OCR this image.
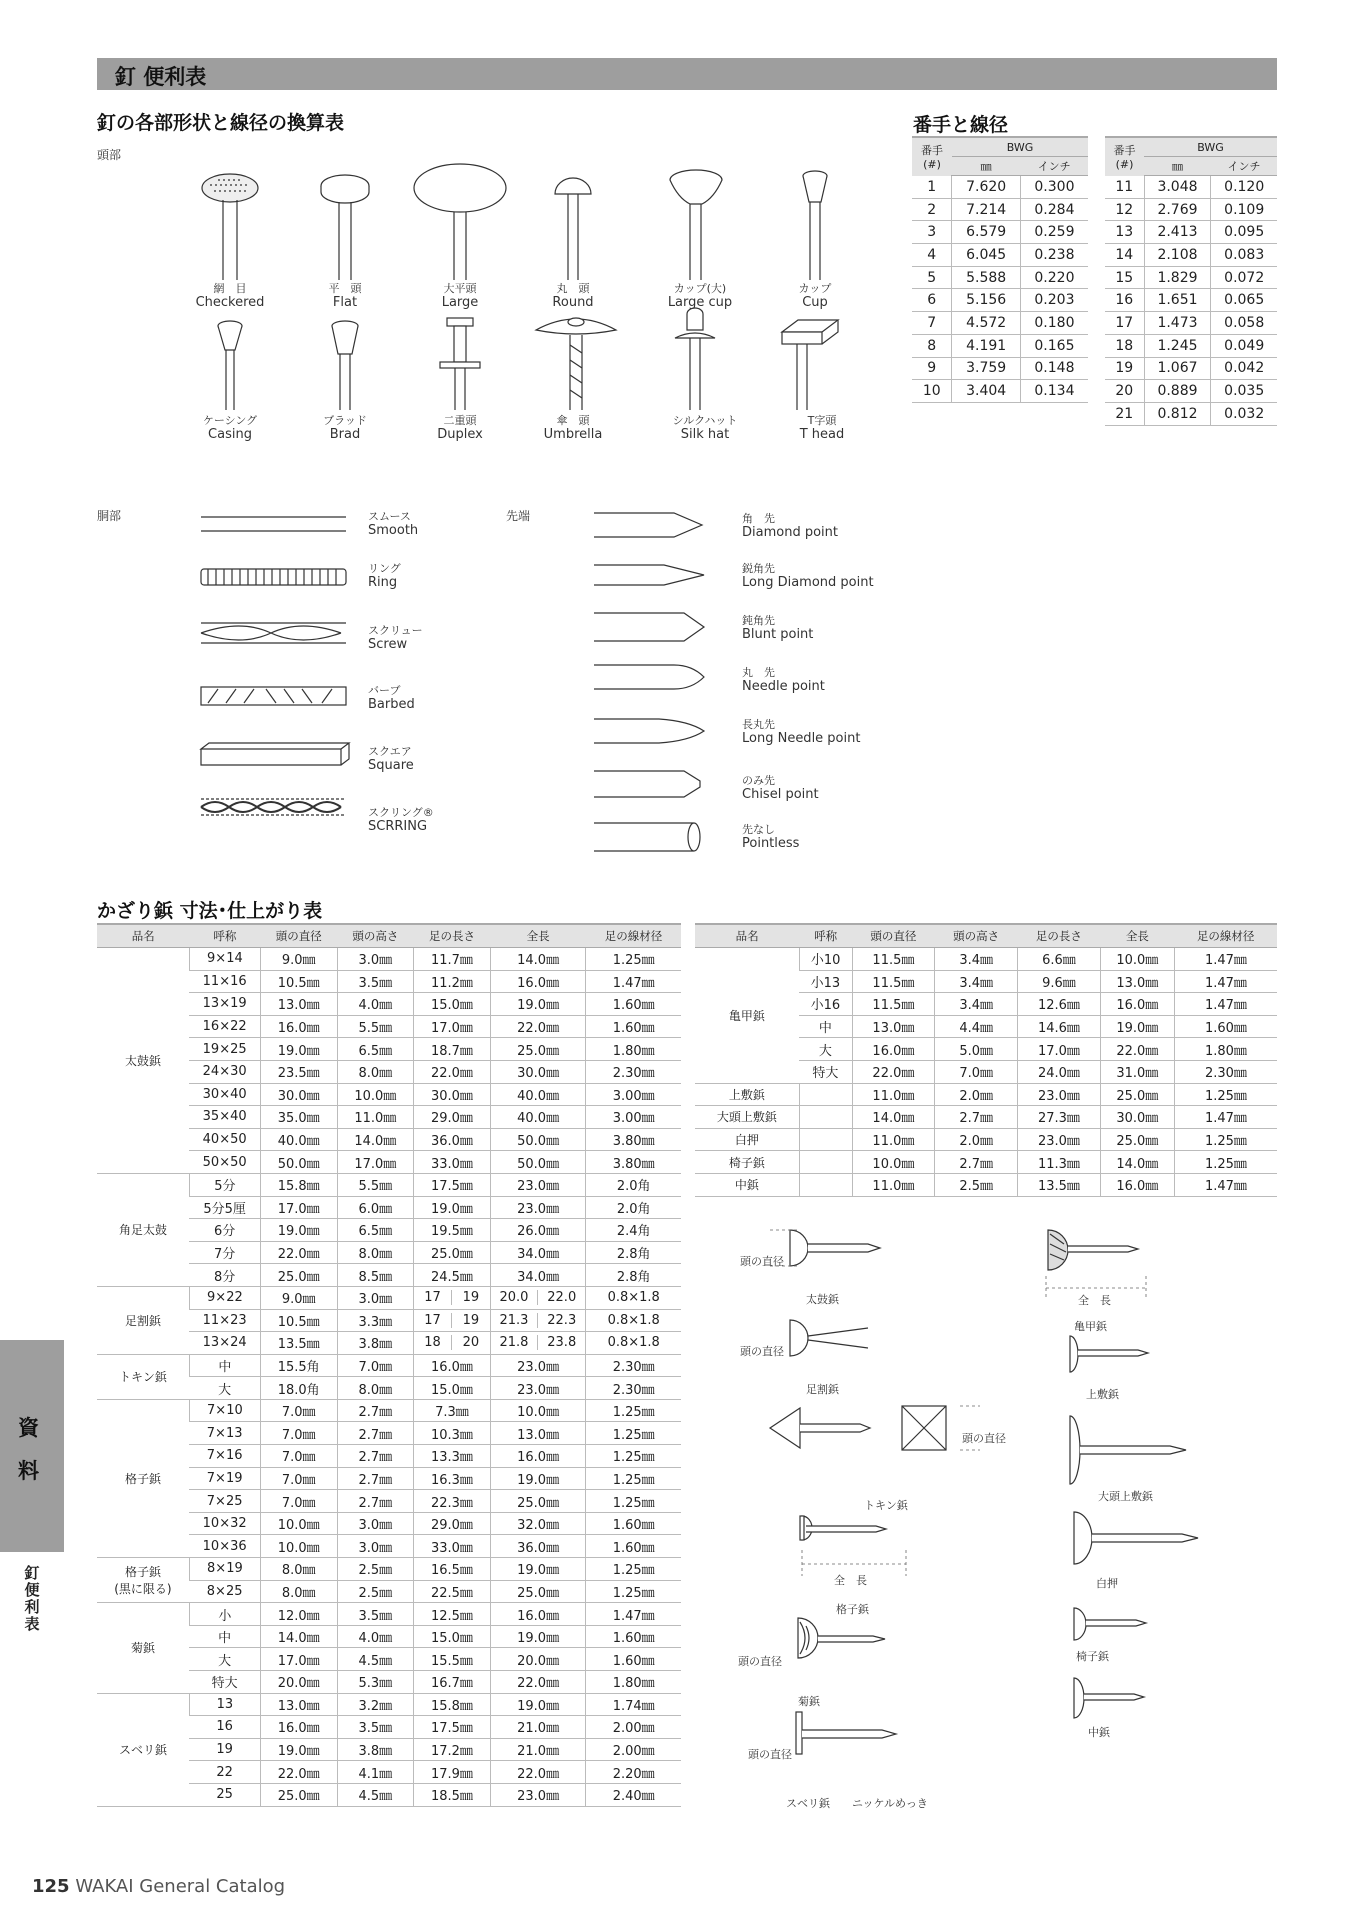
釘 便利表
釘の各部形状と線径の換算表
頭部
網　目
Checkered
平　頭
Flat
大平頭
Large
丸　頭
Round
カップ(大)
Large cup
カップ
Cup
ケーシング
Casing
ブラッド
Brad
二重頭
Duplex
傘　頭
Umbrella
シルクハット
Silk hat
T字頭
T head
番手と線径
番手
(#)	BWG	
	㎜	インチ
1	7.620	0.300
2	7.214	0.284
3	6.579	0.259
4	6.045	0.238
5	5.588	0.220
6	5.156	0.203
7	4.572	0.180
8	4.191	0.165
9	3.759	0.148
10	3.404	0.134
番手
(#)	BWG	
	㎜	インチ
11	3.048	0.120
12	2.769	0.109
13	2.413	0.095
14	2.108	0.083
15	1.829	0.072
16	1.651	0.065
17	1.473	0.058
18	1.245	0.049
19	1.067	0.042
20	0.889	0.035
21	0.812	0.032
胴部	スムース
Smooth
リング
Ring
スクリュー
Screw
バーブ
Barbed
スクエア
Square
スクリング®
SCRRING
先端	角　先
Diamond point
鋭角先
Long Diamond point
鈍角先
Blunt point
丸　先
Needle point
長丸先
Long Needle point
のみ先
Chisel point
先なし
Pointless
かざり鋲 寸法･仕上がり表
品名	呼称	頭の直径	頭の高さ	足の長さ	全長	足の線材径
太鼓鋲	9×14	9.0㎜	3.0㎜	11.7㎜	14.0㎜	1.25㎜
	11×16	10.5㎜	3.5㎜	11.2㎜	16.0㎜	1.47㎜
	13×19	13.0㎜	4.0㎜	15.0㎜	19.0㎜	1.60㎜
	16×22	16.0㎜	5.5㎜	17.0㎜	22.0㎜	1.60㎜
	19×25	19.0㎜	6.5㎜	18.7㎜	25.0㎜	1.80㎜
	24×30	23.5㎜	8.0㎜	22.0㎜	30.0㎜	2.30㎜
	30×40	30.0㎜	10.0㎜	30.0㎜	40.0㎜	3.00㎜
	35×40	35.0㎜	11.0㎜	29.0㎜	40.0㎜	3.00㎜
	40×50	40.0㎜	14.0㎜	36.0㎜	50.0㎜	3.80㎜
	50×50	50.0㎜	17.0㎜	33.0㎜	50.0㎜	3.80㎜
角足太鼓	5分	15.8㎜	5.5㎜	17.5㎜	23.0㎜	2.0角
	5分5厘	17.0㎜	6.0㎜	19.0㎜	23.0㎜	2.0角
	6分	19.0㎜	6.5㎜	19.5㎜	26.0㎜	2.4角
	7分	22.0㎜	8.0㎜	25.0㎜	34.0㎜	2.8角
	8分	25.0㎜	8.5㎜	24.5㎜	34.0㎜	2.8角
足割鋲	9×22	9.0㎜	3.0㎜	17 19	20.0 22.0	0.8×1.8
	11×23	10.5㎜	3.3㎜	17 19	21.3 22.3	0.8×1.8
	13×24	13.5㎜	3.8㎜	18 20	21.8 23.8	0.8×1.8
トキン鋲	中	15.5角	7.0㎜	16.0㎜	23.0㎜	2.30㎜
	大	18.0角	8.0㎜	15.0㎜	23.0㎜	2.30㎜
格子鋲	7×10	7.0㎜	2.7㎜	7.3㎜	10.0㎜	1.25㎜
	7×13	7.0㎜	2.7㎜	10.3㎜	13.0㎜	1.25㎜
	7×16	7.0㎜	2.7㎜	13.3㎜	16.0㎜	1.25㎜
	7×19	7.0㎜	2.7㎜	16.3㎜	19.0㎜	1.25㎜
	7×25	7.0㎜	2.7㎜	22.3㎜	25.0㎜	1.25㎜
	10×32	10.0㎜	3.0㎜	29.0㎜	32.0㎜	1.60㎜
	10×36	10.0㎜	3.0㎜	33.0㎜	36.0㎜	1.60㎜
格子鋲
(黒に限る)	8×19	8.0㎜	2.5㎜	16.5㎜	19.0㎜	1.25㎜
	8×25	8.0㎜	2.5㎜	22.5㎜	25.0㎜	1.25㎜
菊鋲	小	12.0㎜	3.5㎜	12.5㎜	16.0㎜	1.47㎜
	中	14.0㎜	4.0㎜	15.0㎜	19.0㎜	1.60㎜
	大	17.0㎜	4.5㎜	15.5㎜	20.0㎜	1.60㎜
	特大	20.0㎜	5.3㎜	16.7㎜	22.0㎜	1.80㎜
スベリ鋲	13	13.0㎜	3.2㎜	15.8㎜	19.0㎜	1.74㎜
	16	16.0㎜	3.5㎜	17.5㎜	21.0㎜	2.00㎜
	19	19.0㎜	3.8㎜	17.2㎜	21.0㎜	2.00㎜
	22	22.0㎜	4.1㎜	17.9㎜	22.0㎜	2.20㎜
	25	25.0㎜	4.5㎜	18.5㎜	23.0㎜	2.40㎜
品名	呼称	頭の直径	頭の高さ	足の長さ	全長	足の線材径
亀甲鋲	小10	11.5㎜	3.4㎜	6.6㎜	10.0㎜	1.47㎜
	小13	11.5㎜	3.4㎜	9.6㎜	13.0㎜	1.47㎜
	小16	11.5㎜	3.4㎜	12.6㎜	16.0㎜	1.47㎜
	中	13.0㎜	4.4㎜	14.6㎜	19.0㎜	1.60㎜
	大	16.0㎜	5.0㎜	17.0㎜	22.0㎜	1.80㎜
	特大	22.0㎜	7.0㎜	24.0㎜	31.0㎜	2.30㎜
上敷鋲		11.0㎜	2.0㎜	23.0㎜	25.0㎜	1.25㎜
大頭上敷鋲		14.0㎜	2.7㎜	27.3㎜	30.0㎜	1.47㎜
白押		11.0㎜	2.0㎜	23.0㎜	25.0㎜	1.25㎜
椅子鋲		10.0㎜	2.7㎜	11.3㎜	14.0㎜	1.25㎜
中鋲		11.0㎜	2.5㎜	13.5㎜	16.0㎜	1.47㎜
頭の直径
太鼓鋲	全　長
亀甲鋲
頭の直径
足割鋲	上敷鋲
頭の直径
大頭上敷鋲
トキン鋲
全　長	白押
格子鋲
椅子鋲
頭の直径
菊鋲
中鋲
頭の直径
スベリ鋲 ニッケルめっき
資
料
釘
便
利
表
125 WAKAI General Catalog
